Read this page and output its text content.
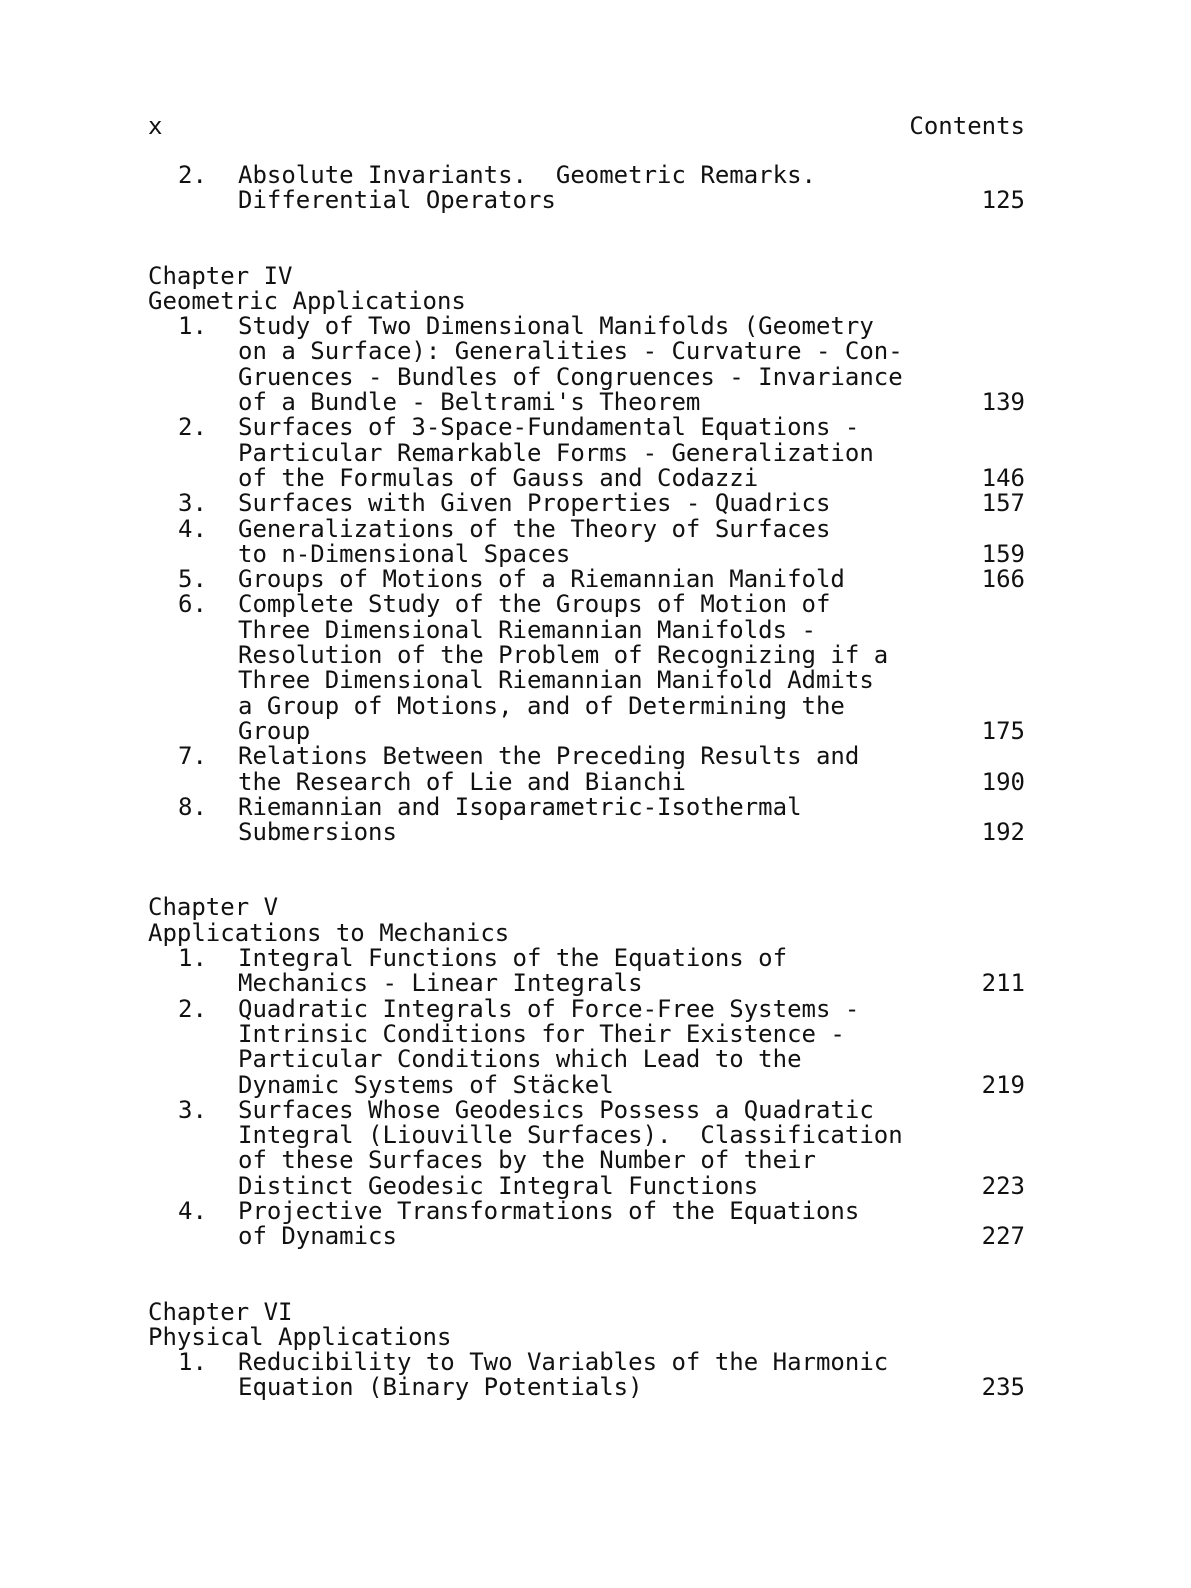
x	Contents
2. Absolute Invariants.  Geometric Remarks.
Differential Operators	125
Chapter IV
Geometric Applications
1. Study of Two Dimensional Manifolds (Geometry
on a Surface): Generalities - Curvature - Con-
Gruences - Bundles of Congruences - Invariance
of a Bundle - Beltrami's Theorem	139
2. Surfaces of 3-Space-Fundamental Equations -
Particular Remarkable Forms - Generalization
of the Formulas of Gauss and Codazzi	146
3. Surfaces with Given Properties - Quadrics	157
4. Generalizations of the Theory of Surfaces
to n-Dimensional Spaces	159
5. Groups of Motions of a Riemannian Manifold	166
6. Complete Study of the Groups of Motion of
Three Dimensional Riemannian Manifolds -
Resolution of the Problem of Recognizing if a
Three Dimensional Riemannian Manifold Admits
a Group of Motions, and of Determining the
Group	175
7. Relations Between the Preceding Results and
the Research of Lie and Bianchi	190
8. Riemannian and Isoparametric-Isothermal
Submersions	192
Chapter V
Applications to Mechanics
1. Integral Functions of the Equations of
Mechanics - Linear Integrals	211
2. Quadratic Integrals of Force-Free Systems -
Intrinsic Conditions for Their Existence -
Particular Conditions which Lead to the
Dynamic Systems of Stäckel	219
3. Surfaces Whose Geodesics Possess a Quadratic
Integral (Liouville Surfaces).  Classification
of these Surfaces by the Number of their
Distinct Geodesic Integral Functions	223
4. Projective Transformations of the Equations
of Dynamics	227
Chapter VI
Physical Applications
1. Reducibility to Two Variables of the Harmonic
Equation (Binary Potentials)	235
